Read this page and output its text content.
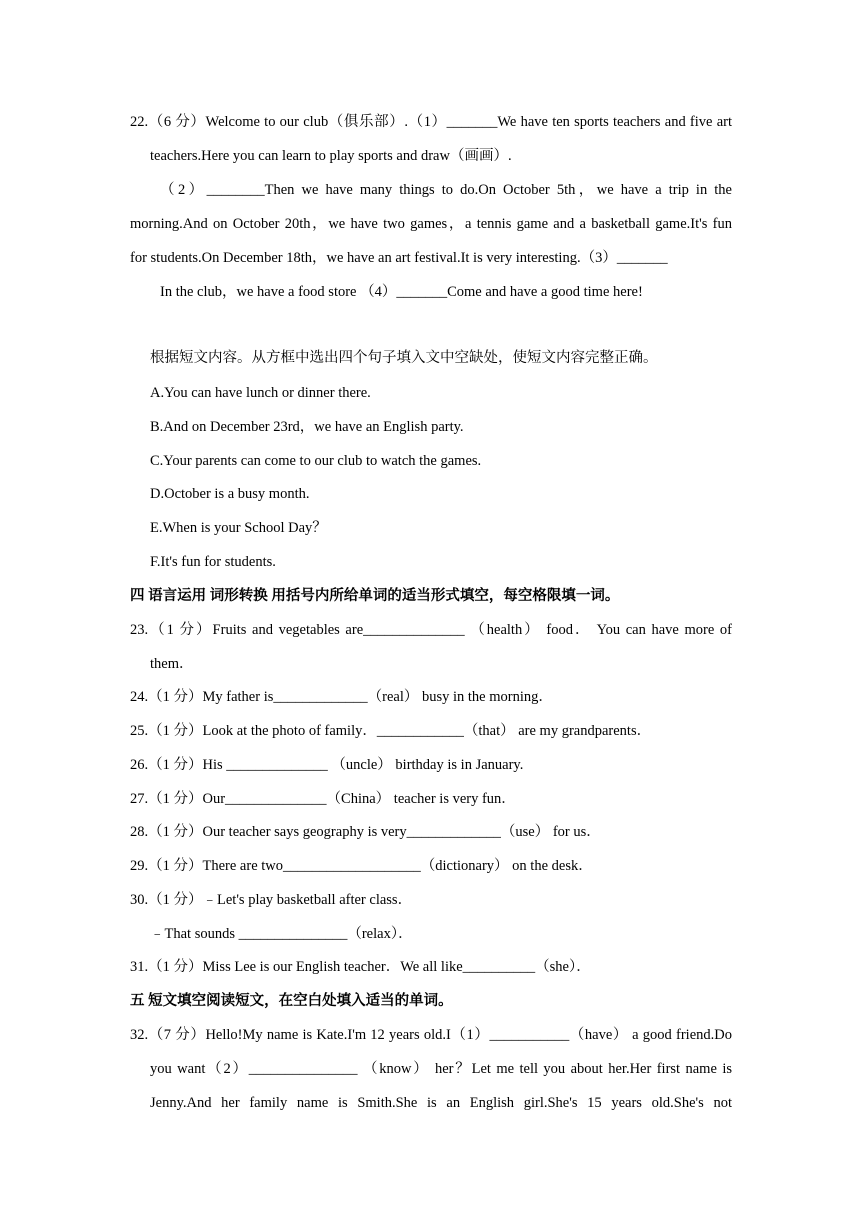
22.（6 分）Welcome to our club（俱乐部）.（1）_______We have ten sports teachers and five art
teachers.Here you can learn to play sports and draw（画画）.
（2）________Then we have many things to do.On October 5th，we have a trip in the
morning.And on October 20th，we have two games，a tennis game and a basketball game.It's fun
for students.On December 18th，we have an art festival.It is very interesting.（3）_______
In the club，we have a food store （4）_______Come and have a good time here!
根据短文内容。从方框中选出四个句子填入文中空缺处，使短文内容完整正确。
A.You can have lunch or dinner there.
B.And on December 23rd，we have an English party.
C.Your parents can come to our club to watch the games.
D.October is a busy month.
E.When is your School Day？
F.It's fun for students.
四 语言运用 词形转换 用括号内所给单词的适当形式填空，每空格限填一词。
23.（1 分）Fruits and vegetables are______________ （health） food． You can have more of
them．
24.（1 分）My father is_____________（real） busy in the morning．
25.（1 分）Look at the photo of family．____________（that） are my grandparents．
26.（1 分）His ______________ （uncle） birthday is in January.
27.（1 分）Our______________（China） teacher is very fun．
28.（1 分）Our teacher says geography is very_____________（use） for us．
29.（1 分）There are two___________________（dictionary） on the desk．
30.（1 分）﹣Let's play basketball after class．
﹣That sounds _______________（relax）．
31.（1 分）Miss Lee is our English teacher．We all like__________（she）．
五 短文填空阅读短文，在空白处填入适当的单词。
32.（7 分）Hello!My name is Kate.I'm 12 years old.I（1）___________（have） a good friend.Do
you want（2）_______________ （know） her？Let me tell you about her.Her first name is
Jenny.And her family name is Smith.She is an English girl.She's 15 years old.She's not
